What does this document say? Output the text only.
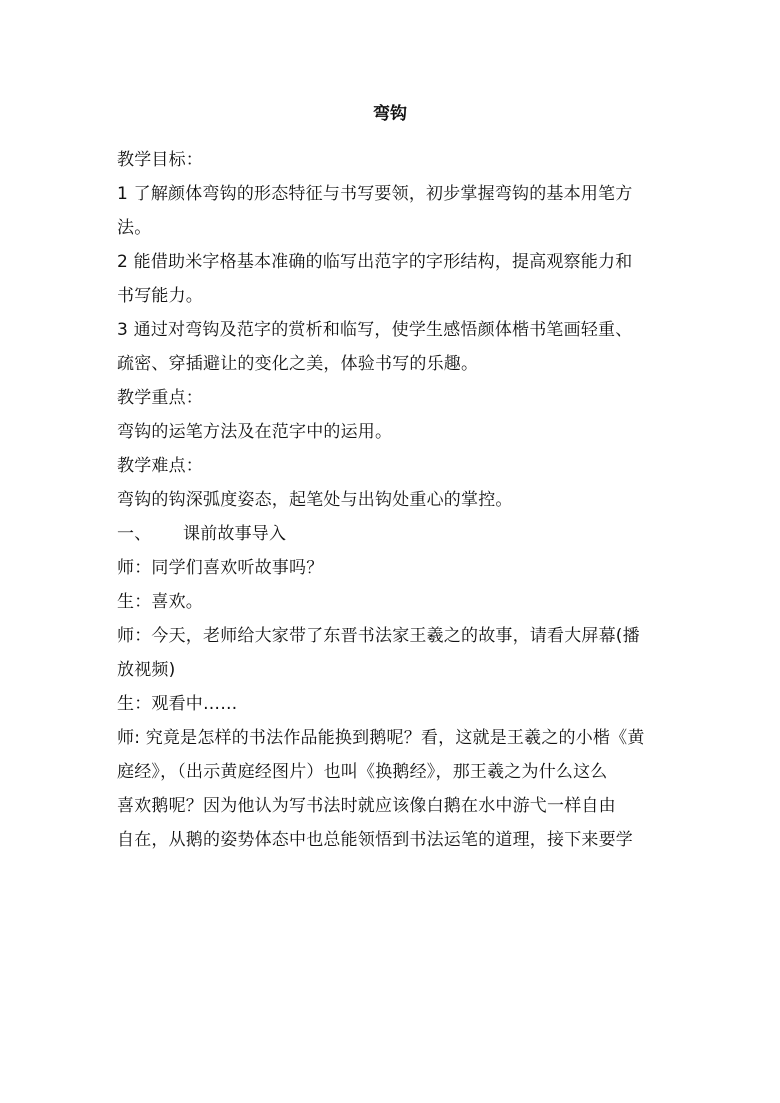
弯钩

教学目标：

1 了解颜体弯钩的形态特征与书写要领，初步掌握弯钩的基本用笔方

法。

2 能借助米字格基本准确的临写出范字的字形结构，提高观察能力和

书写能力。

3 通过对弯钩及范字的赏析和临写，使学生感悟颜体楷书笔画轻重、

疏密、穿插避让的变化之美，体验书写的乐趣。

教学重点：

弯钩的运笔方法及在范字中的运用。

教学难点：

弯钩的钩深弧度姿态，起笔处与出钩处重心的掌控。

一、 课前故事导入

师：同学们喜欢听故事吗？

生：喜欢。

师：今天，老师给大家带了东晋书法家王羲之的故事，请看大屏幕(播

放视频)

生：观看中……

师: 究竟是怎样的书法作品能换到鹅呢？看，这就是王羲之的小楷《黄

庭经》，（出示黄庭经图片）也叫《换鹅经》，那王羲之为什么这么

喜欢鹅呢？因为他认为写书法时就应该像白鹅在水中游弋一样自由

自在，从鹅的姿势体态中也总能领悟到书法运笔的道理，接下来要学
